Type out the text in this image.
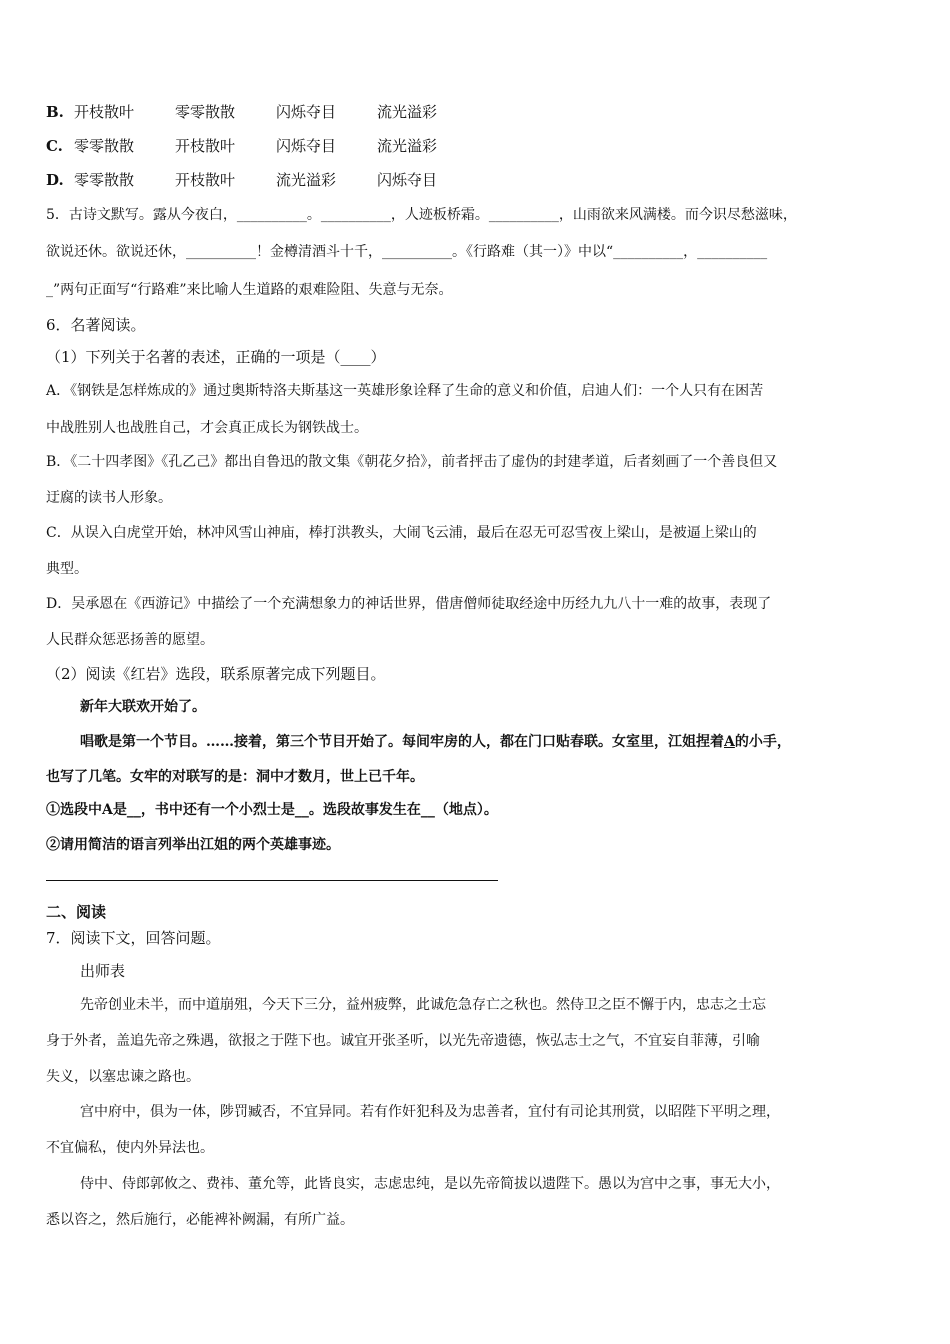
B. 开枝散叶	零零散散	闪烁夺目	流光溢彩
C. 零零散散	开枝散叶	闪烁夺目	流光溢彩
D. 零零散散	开枝散叶	流光溢彩	闪烁夺目
5．古诗文默写。露从今夜白，__________。__________，人迹板桥霜。__________，山雨欲来风满楼。而今识尽愁滋味，
欲说还休。欲说还休，__________！金樽清酒斗十千，__________。《行路难（其一）》中以“__________，__________
_”两句正面写“行路难”来比喻人生道路的艰难险阻、失意与无奈。
6．名著阅读。
（1）下列关于名著的表述，正确的一项是（____）
A．《钢铁是怎样炼成的》通过奥斯特洛夫斯基这一英雄形象诠释了生命的意义和价值，启迪人们：一个人只有在困苦
中战胜别人也战胜自己，才会真正成长为钢铁战士。
B．《二十四孝图》《孔乙己》都出自鲁迅的散文集《朝花夕拾》，前者抨击了虚伪的封建孝道，后者刻画了一个善良但又
迂腐的读书人形象。
C．从误入白虎堂开始，林冲风雪山神庙，棒打洪教头，大闹飞云浦，最后在忍无可忍雪夜上梁山，是被逼上梁山的
典型。
D．吴承恩在《西游记》中描绘了一个充满想象力的神话世界，借唐僧师徒取经途中历经九九八十一难的故事，表现了
人民群众惩恶扬善的愿望。
（2）阅读《红岩》选段，联系原著完成下列题目。
新年大联欢开始了。
唱歌是第一个节目。……接着，第三个节目开始了。每间牢房的人，都在门口贴春联。女室里，江姐捏着A的小手，
也写了几笔。女牢的对联写的是：洞中才数月，世上已千年。
①选段中A是__，书中还有一个小烈士是__。选段故事发生在__（地点）。
②请用简洁的语言列举出江姐的两个英雄事迹。
二、阅读
7．阅读下文，回答问题。
出师表
先帝创业未半，而中道崩殂，今天下三分，益州疲弊，此诚危急存亡之秋也。然侍卫之臣不懈于内，忠志之士忘
身于外者，盖追先帝之殊遇，欲报之于陛下也。诚宜开张圣听，以光先帝遗德，恢弘志士之气，不宜妄自菲薄，引喻
失义，以塞忠谏之路也。
宫中府中，俱为一体，陟罚臧否，不宜异同。若有作奸犯科及为忠善者，宜付有司论其刑赏，以昭陛下平明之理，
不宜偏私，使内外异法也。
侍中、侍郎郭攸之、费祎、董允等，此皆良实，志虑忠纯，是以先帝简拔以遗陛下。愚以为宫中之事，事无大小，
悉以咨之，然后施行，必能裨补阙漏，有所广益。
